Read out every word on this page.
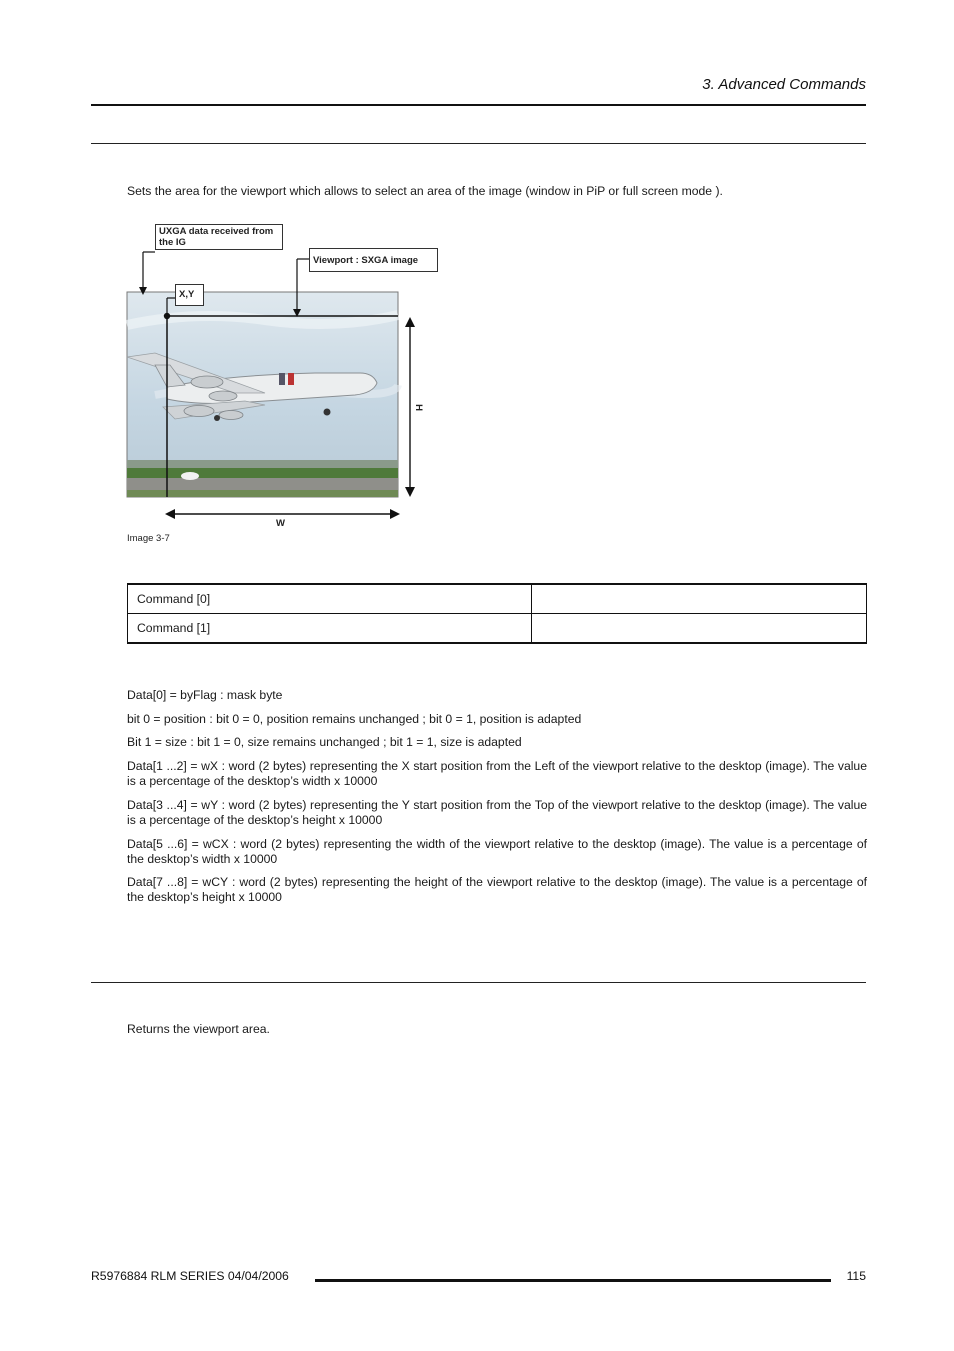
3. Advanced Commands
Sets the area for the viewport which allows to select an area of the image (window in PiP or full screen mode ).
UXGA data received from
the IG
Viewport : SXGA image
X,Y
H
W
Image 3-7
Command [0]	
Command [1]	
Data[0] = byFlag : mask byte
bit 0 = position : bit 0 = 0, position remains unchanged ; bit 0 = 1, position is adapted
Bit 1 = size : bit 1 = 0, size remains unchanged ; bit 1 = 1, size is adapted
Data[1 ...2] = wX : word (2 bytes) representing the X start position from the Left of the viewport relative to the desktop (image). The value is a percentage of the desktop’s width x 10000
Data[3 ...4] = wY : word (2 bytes) representing the Y start position from the Top of the viewport relative to the desktop (image). The value is a percentage of the desktop’s height x 10000
Data[5 ...6] = wCX : word (2 bytes) representing the width of the viewport relative to the desktop (image). The value is a percentage of the desktop’s width x 10000
Data[7 ...8] = wCY : word (2 bytes) representing the height of the viewport relative to the desktop (image). The value is a percentage of the desktop’s height x 10000
Returns the viewport area.
R5976884 RLM SERIES 04/04/2006	115
